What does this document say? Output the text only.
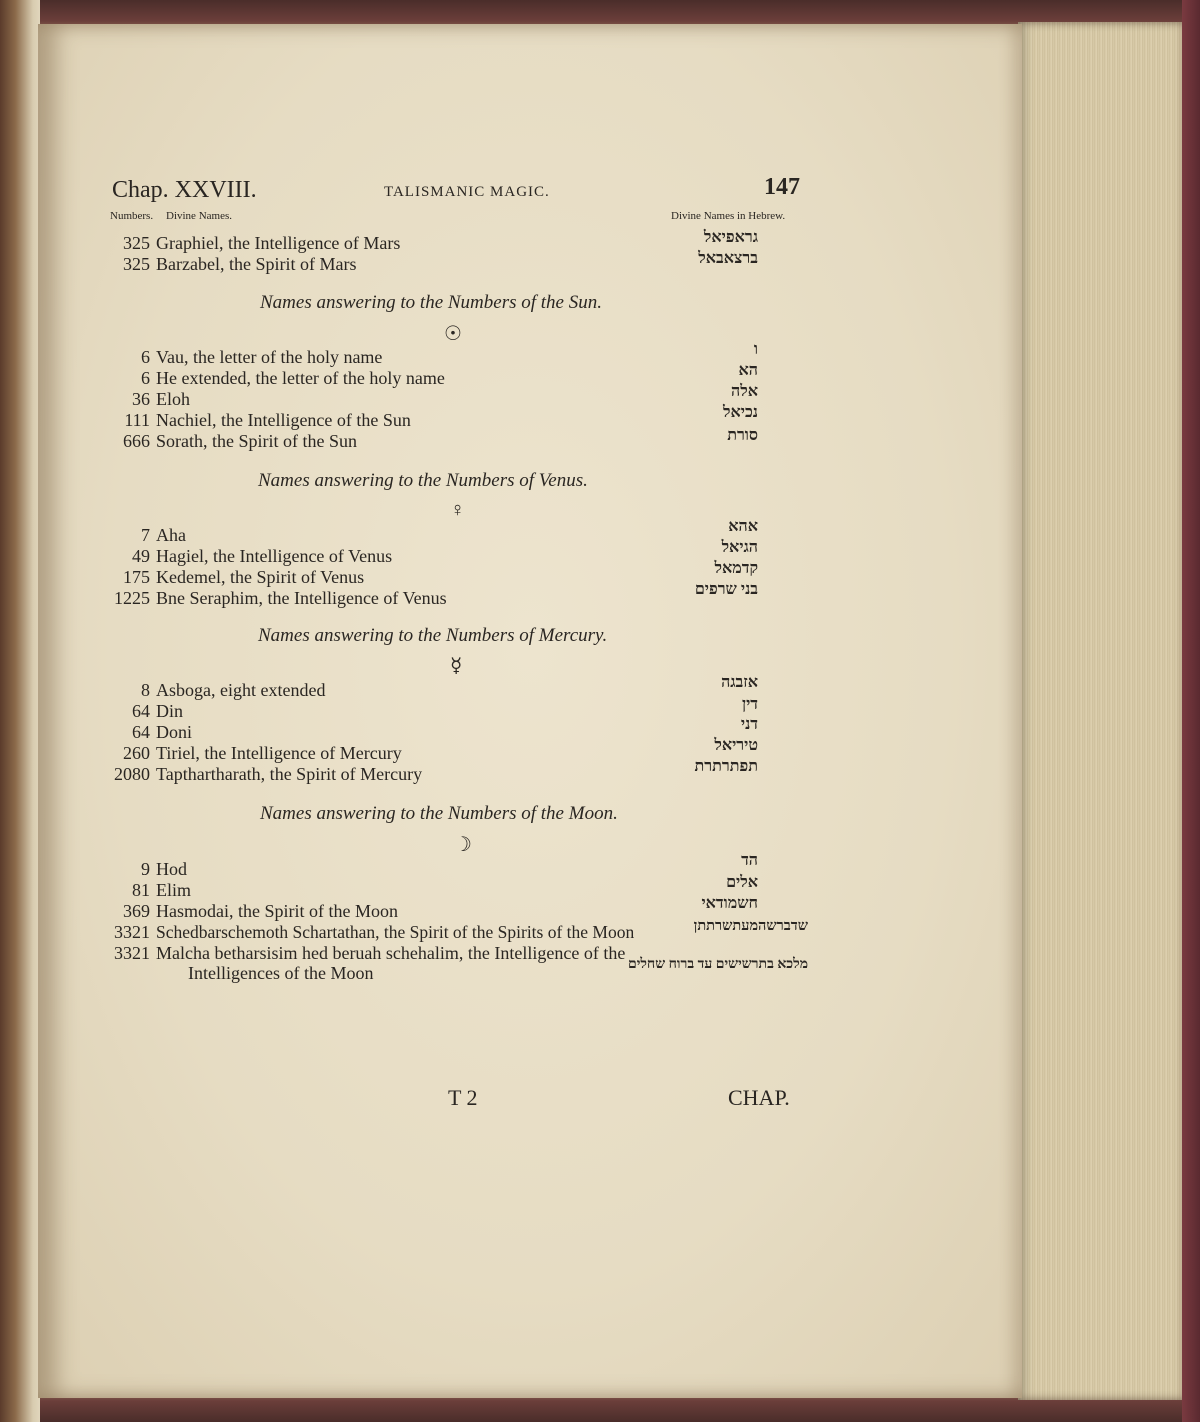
Chap. XXVIII.	TALISMANIC MAGIC.	147
Numbers. Divine Names.	Divine Names in Hebrew.
325 Graphiel, the Intelligence of Mars	גראפיאל
325 Barzabel, the Spirit of Mars	ברצאבאל
Names answering to the Numbers of the Sun.
☉
6 Vau, the letter of the holy name	ו
6 He extended, the letter of the holy name	הא
36 Eloh	אלה
111 Nachiel, the Intelligence of the Sun	נכיאל
666 Sorath, the Spirit of the Sun	סורת
Names answering to the Numbers of Venus.
♀
7 Aha	אהא
49 Hagiel, the Intelligence of Venus	הגיאל
175 Kedemel, the Spirit of Venus	קדמאל
1225 Bne Seraphim, the Intelligence of Venus	בני שרפים
Names answering to the Numbers of Mercury.
☿
8 Asboga, eight extended	אזבגה
64 Din	דין
64 Doni	דני
260 Tiriel, the Intelligence of Mercury	טיריאל
2080 Tapthartharath, the Spirit of Mercury	תפתרתרת
Names answering to the Numbers of the Moon.
☽
9 Hod	הד
81 Elim	אלים
369 Hasmodai, the Spirit of the Moon	חשמודאי
3321 Schedbarschemoth Schartathan, the Spirit of the Spirits of the Moon	שדברשהמעתשרתתן
3321 Malcha betharsisim hed beruah schehalim, the Intelligence of the
Intelligences of the Moon	מלכא בתרשישים עד ברוח שחלים
T 2	CHAP.
